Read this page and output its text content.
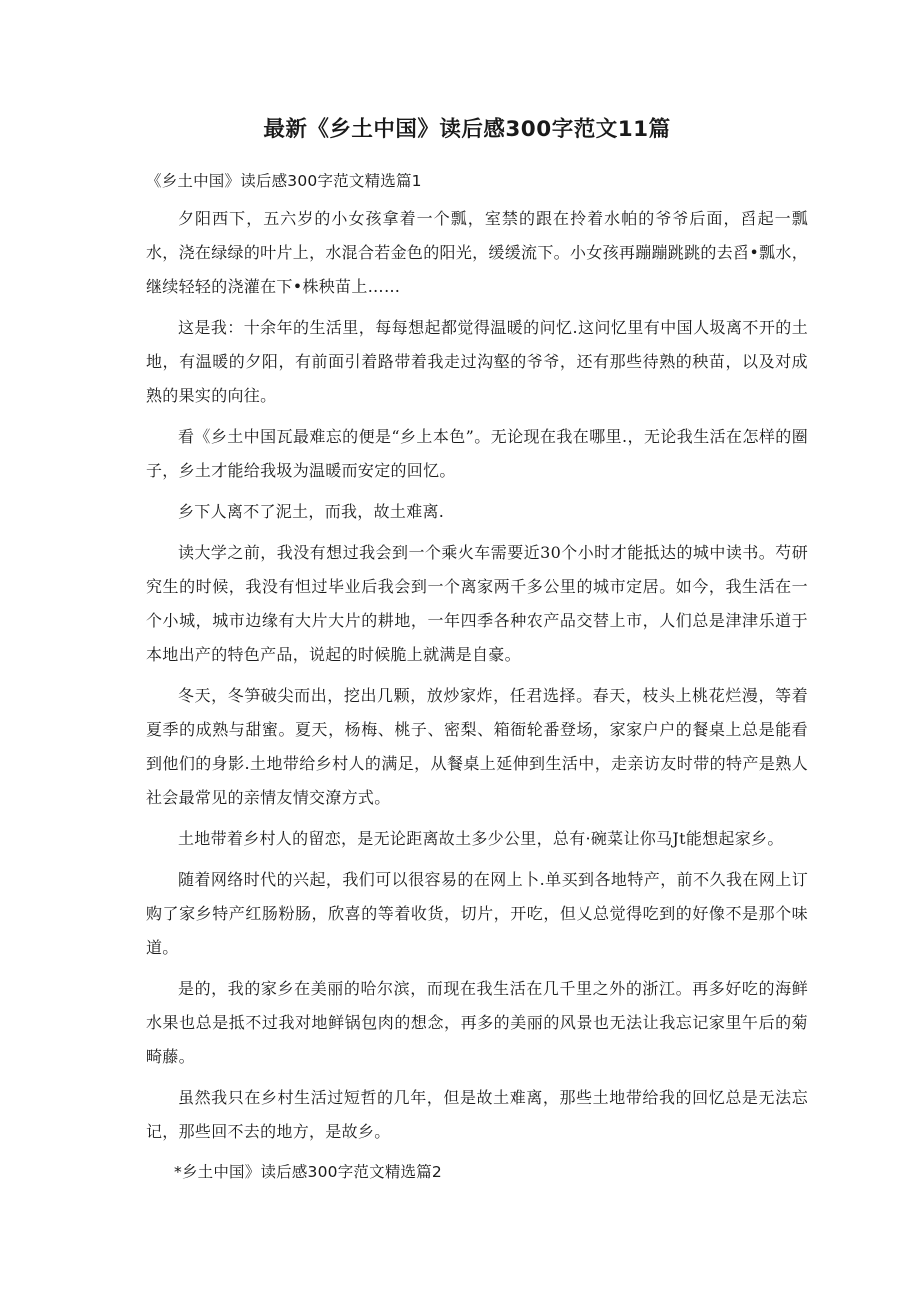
最新《乡土中国》读后感300字范文11篇

《乡土中国》读后感300字范文精选篇1

夕阳西下，五六岁的小女孩拿着一个瓢，室禁的跟在拎着水帕的爷爷后面，舀起一瓢水，浇在绿绿的叶片上，水混合若金色的阳光，缓缓流下。小女孩再蹦蹦跳跳的去舀•瓢水，继续轻轻的浇灌在下•株秧苗上……

这是我：十余年的生活里，每每想起都觉得温暖的问忆.这问忆里有中国人圾离不开的土地，有温暖的夕阳，有前面引着路带着我走过沟壑的爷爷，还有那些待熟的秧苗，以及对成熟的果实的向往。

看《乡土中国瓦最难忘的便是“乡上本色”。无论现在我在哪里.，无论我生活在怎样的圈子，乡土才能给我圾为温暖而安定的回忆。

乡下人离不了泥土，而我，故土难离.

读大学之前，我没有想过我会到一个乘火车需要近30个小时才能抵达的城中读书。芍研究生的时候，我没有怛过毕业后我会到一个离家两千多公里的城市定居。如今，我生活在一个小城，城市边缘有大片大片的耕地，一年四季各种农产品交替上市，人们总是津津乐道于本地出产的特色产品，说起的时候脆上就满是自豪。

冬天，冬笋破尖而出，挖出几颗，放炒家炸，任君选择。春天，枝头上桃花烂漫，等着夏季的成熟与甜蜜。夏天，杨梅、桃子、密梨、箱衙轮番登场，家家户户的餐桌上总是能看到他们的身影.土地带给乡村人的满足，从餐桌上延伸到生活中，走亲访友时带的特产是熟人社会最常见的亲情友情交潦方式。

土地带着乡村人的留恋，是无论距离故土多少公里，总有·碗菜让你马Jt能想起家乡。

随着网络时代的兴起，我们可以很容易的在网上卜.单买到各地特产，前不久我在网上订购了家乡特产红肠粉肠，欣喜的等着收货，切片，开吃，但乂总觉得吃到的好像不是那个味道。

是的，我的家乡在美丽的哈尔滨，而现在我生活在几千里之外的浙江。再多好吃的海鲜水果也总是抵不过我对地鲜锅包肉的想念，再多的美丽的风景也无法让我忘记家里午后的菊畸藤。

虽然我只在乡村生活过短哲的几年，但是故土难离，那些土地带给我的回忆总是无法忘记，那些回不去的地方，是故乡。

*乡土中国》读后感300字范文精选篇2
